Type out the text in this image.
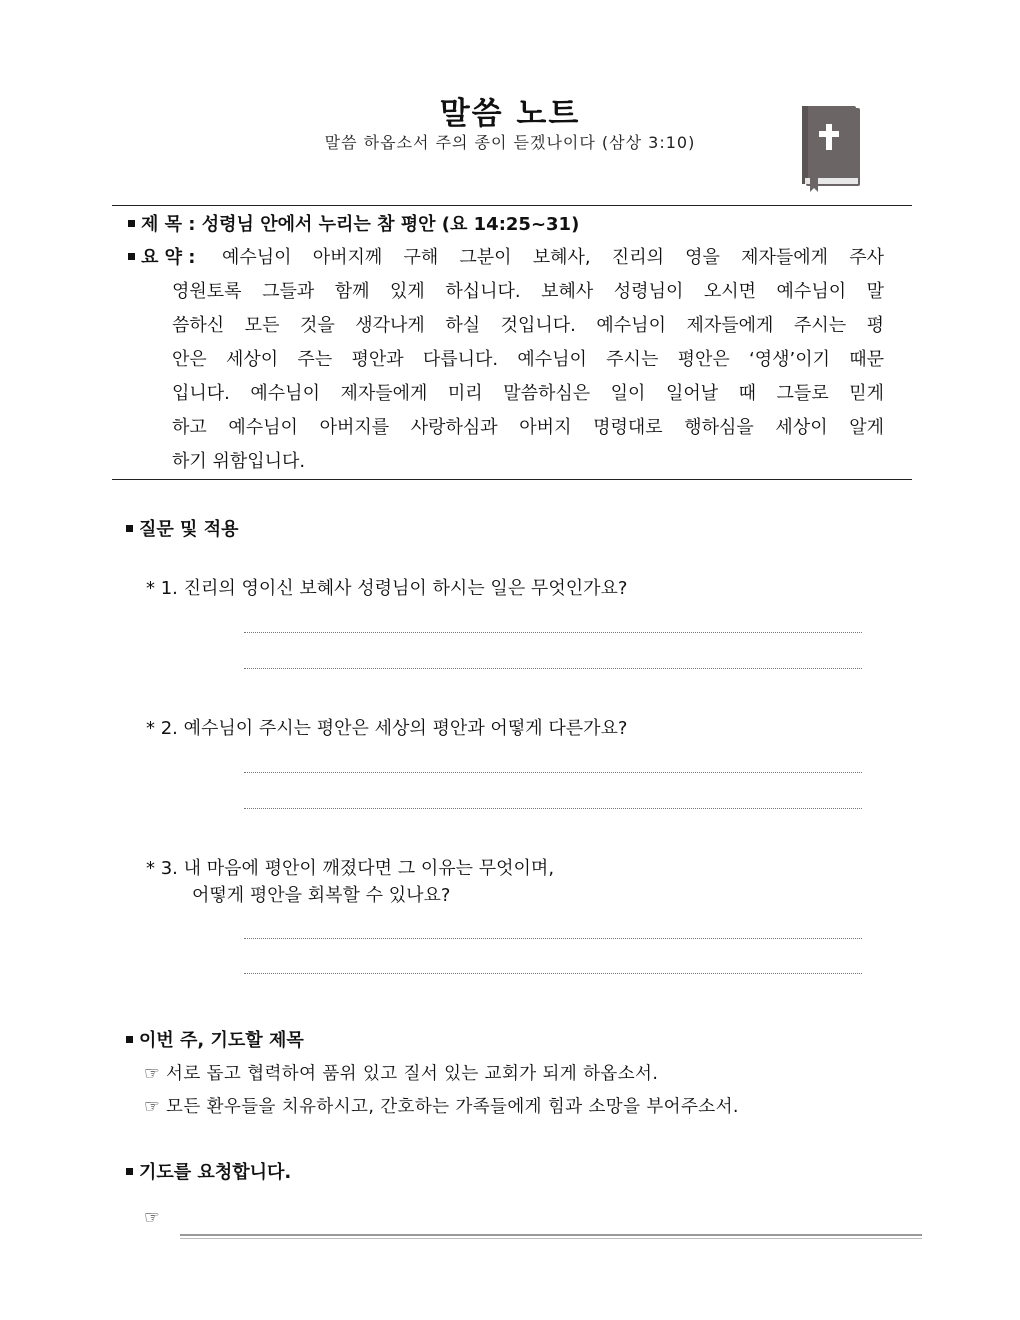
말씀 노트
말씀 하옵소서 주의 종이 듣겠나이다 (삼상 3:10)
제 목 : 성령님 안에서 누리는 참 평안 (요 14:25~31)
요 약 : 예수님이 아버지께 구해 그분이 보혜사, 진리의 영을 제자들에게 주사
영원토록 그들과 함께 있게 하십니다. 보혜사 성령님이 오시면 예수님이 말
씀하신 모든 것을 생각나게 하실 것입니다. 예수님이 제자들에게 주시는 평
안은 세상이 주는 평안과 다릅니다. 예수님이 주시는 평안은 ‘영생’이기 때문
입니다. 예수님이 제자들에게 미리 말씀하심은 일이 일어날 때 그들로 믿게
하고 예수님이 아버지를 사랑하심과 아버지 명령대로 행하심을 세상이 알게
하기 위함입니다.
질문 및 적용
* 1. 진리의 영이신 보혜사 성령님이 하시는 일은 무엇인가요?
* 2. 예수님이 주시는 평안은 세상의 평안과 어떻게 다른가요?
* 3. 내 마음에 평안이 깨졌다면 그 이유는 무엇이며,
어떻게 평안을 회복할 수 있나요?
이번 주, 기도할 제목
☞ 서로 돕고 협력하여 품위 있고 질서 있는 교회가 되게 하옵소서.
☞ 모든 환우들을 치유하시고, 간호하는 가족들에게 힘과 소망을 부어주소서.
기도를 요청합니다.
☞
